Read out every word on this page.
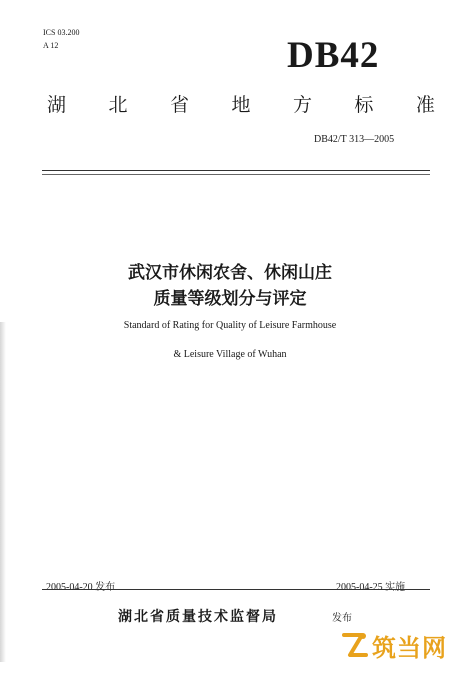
ICS 03.200
A 12	DB42
湖 北 省 地 方 标 准
DB42/T 313—2005
武汉市休闲农舍、休闲山庄
质量等级划分与评定
Standard of Rating for Quality of Leisure Farmhouse
& Leisure Village of Wuhan
2005-04-20 发布	2005-04-25 实施
湖北省质量技术监督局	发布
筑当网
